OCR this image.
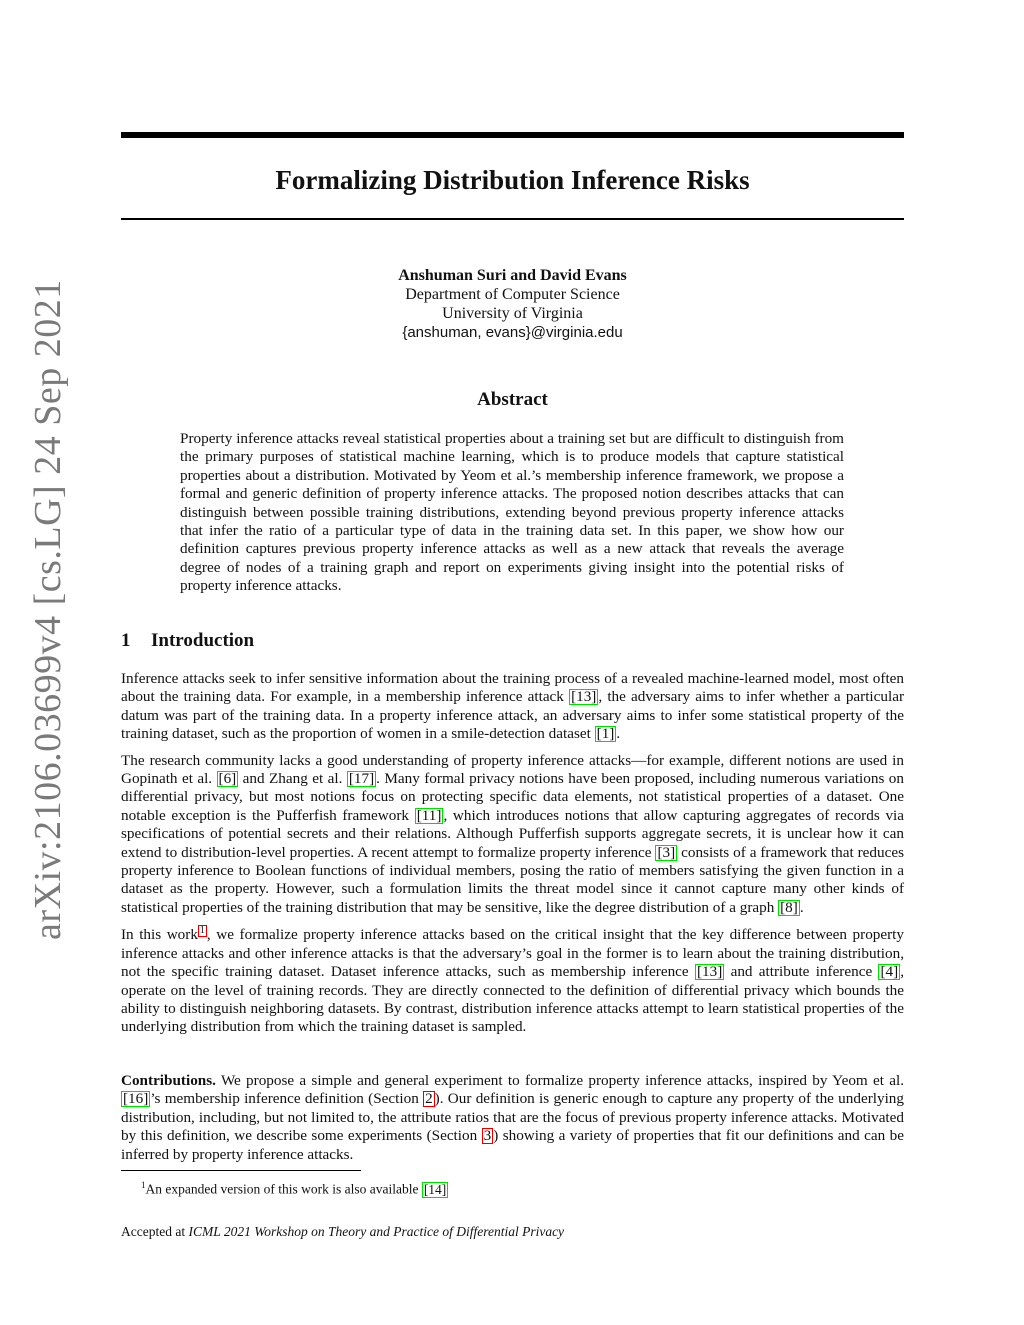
arXiv:2106.03699v4 [cs.LG] 24 Sep 2021
Formalizing Distribution Inference Risks
Anshuman Suri and David Evans
Department of Computer Science
University of Virginia
{anshuman, evans}@virginia.edu
Abstract

Property inference attacks reveal statistical properties about a training set but are difficult to distinguish from the primary purposes of statistical machine learning, which is to produce models that capture statistical properties about a distribution. Motivated by Yeom et al.’s membership inference framework, we propose a formal and generic definition of property inference attacks. The proposed notion describes attacks that can distinguish between possible training distributions, extending beyond previous property inference attacks that infer the ratio of a particular type of data in the training data set. In this paper, we show how our definition captures previous property inference attacks as well as a new attack that reveals the average degree of nodes of a training graph and report on experiments giving insight into the potential risks of property inference attacks.

1 Introduction

Inference attacks seek to infer sensitive information about the training process of a revealed machine-learned model, most often about the training data. For example, in a membership inference attack [13] , the adversary aims to infer whether a particular datum was part of the training data. In a property inference attack, an adversary aims to infer some statistical property of the training dataset, such as the proportion of women in a smile-detection dataset [1] .

The research community lacks a good understanding of property inference attacks—for example, different notions are used in Gopinath et al. [6] and Zhang et al. [17] . Many formal privacy notions have been proposed, including numerous variations on differential privacy, but most notions focus on protecting specific data elements, not statistical properties of a dataset. One notable exception is the Pufferfish framework [11] , which introduces notions that allow capturing aggregates of records via specifications of potential secrets and their relations. Although Pufferfish supports aggregate secrets, it is unclear how it can extend to distribution-level properties. A recent attempt to formalize property inference [3] consists of a framework that reduces property inference to Boolean functions of individual members, posing the ratio of members satisfying the given function in a dataset as the property. However, such a formulation limits the threat model since it cannot capture many other kinds of statistical properties of the training distribution that may be sensitive, like the degree distribution of a graph [8] .

In this work 1 , we formalize property inference attacks based on the critical insight that the key difference between property inference attacks and other inference attacks is that the adversary’s goal in the former is to learn about the training distribution, not the specific training dataset. Dataset inference attacks, such as membership inference [13] and attribute inference [4] , operate on the level of training records. They are directly connected to the definition of differential privacy which bounds the ability to distinguish neighboring datasets. By contrast, distribution inference attacks attempt to learn statistical properties of the underlying distribution from which the training dataset is sampled.

Contributions. We propose a simple and general experiment to formalize property inference attacks, inspired by Yeom et al. [16] ’s membership inference definition (Section 2 ). Our definition is generic enough to capture any property of the underlying distribution, including, but not limited to, the attribute ratios that are the focus of previous property inference attacks. Motivated by this definition, we describe some experiments (Section 3 ) showing a variety of properties that fit our definitions and can be inferred by property inference attacks.

$^1$An expanded version of this work is also available [14]
Accepted at ICML 2021 Workshop on Theory and Practice of Differential Privacy
